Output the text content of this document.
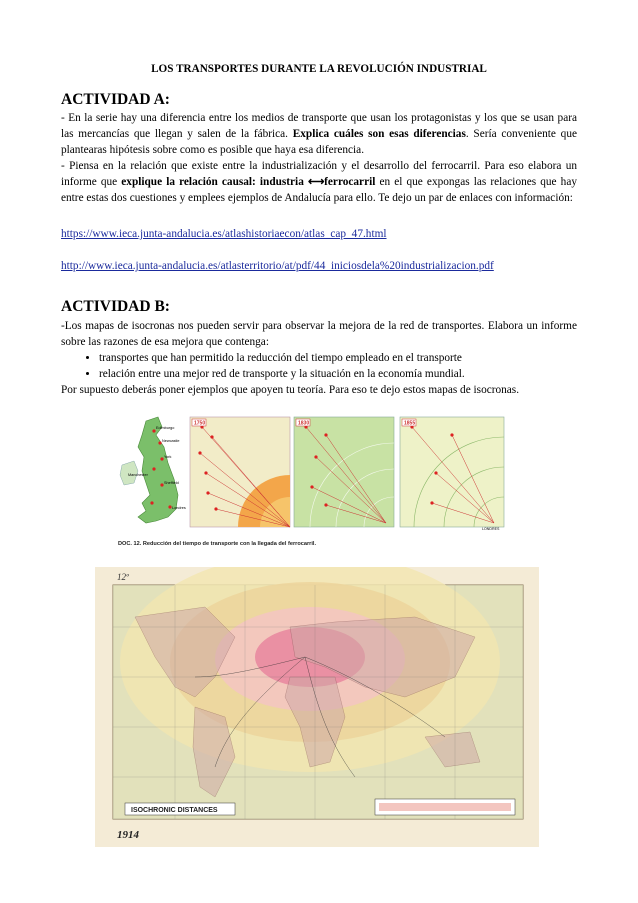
LOS TRANSPORTES DURANTE LA REVOLUCIÓN INDUSTRIAL
ACTIVIDAD A:
- En la serie hay una diferencia entre los medios de transporte que usan los protagonistas y los que se usan para las mercancías que llegan y salen de la fábrica. Explica cuáles son esas diferencias. Sería conveniente que plantearas hipótesis sobre como es posible que haya esa diferencia.
- Piensa en la relación que existe entre la industrialización y el desarrollo del ferrocarril. Para eso elabora un informe que explique la relación causal: industria ⟷ferrocarril en el que expongas las relaciones que hay entre estas dos cuestiones y emplees ejemplos de Andalucía para ello. Te dejo un par de enlaces con información:
https://www.ieca.junta-andalucia.es/atlashistoriaecon/atlas_cap_47.html
http://www.ieca.junta-andalucia.es/atlasterritorio/at/pdf/44_iniciosdela%20industrializacion.pdf
ACTIVIDAD B:
-Los mapas de isocronas nos pueden servir para observar la mejora de la red de transportes. Elabora un informe sobre las razones de esa mejora que contenga:
• transportes que han permitido la reducción del tiempo empleado en el transporte
• relación entre una mejor red de transporte y la situación en la economía mundial.
Por supuesto deberás poner ejemplos que apoyen tu teoría. Para eso te dejo estos mapas de isocronas.
Edimburgo
Newcastle
York
Manchester
Sheffield
Londres
1750	1830	1855
LONDRES
DOC. 12. Reducción del tiempo de transporte con la llegada del ferrocarril.
ISOCHRONIC DISTANCES
12º
1914
